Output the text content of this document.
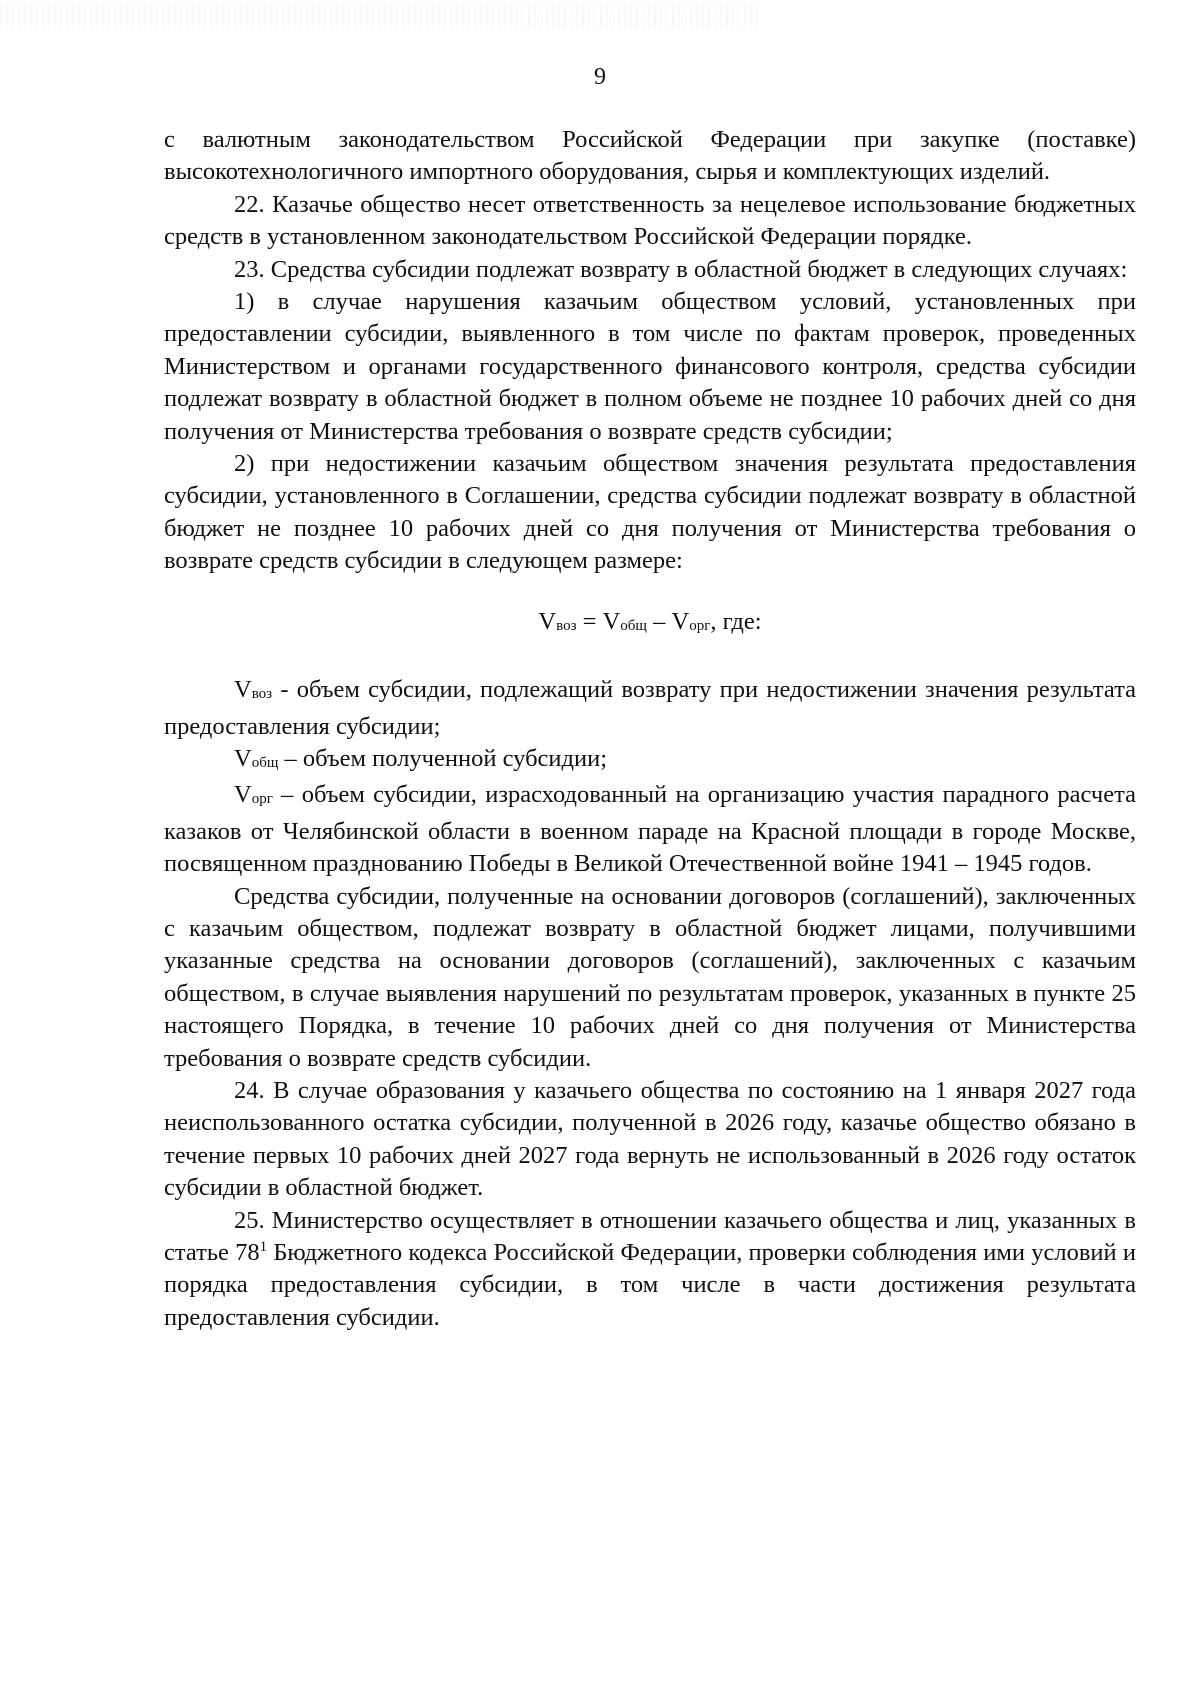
9

с валютным законодательством Российской Федерации при закупке (поставке) высокотехнологичного импортного оборудования, сырья и комплектующих изделий.

22. Казачье общество несет ответственность за нецелевое использование бюджетных средств в установленном законодательством Российской Федерации порядке.

23. Средства субсидии подлежат возврату в областной бюджет в следующих случаях:

1) в случае нарушения казачьим обществом условий, установленных при предоставлении субсидии, выявленного в том числе по фактам проверок, проведенных Министерством и органами государственного финансового контроля, средства субсидии подлежат возврату в областной бюджет в полном объеме не позднее 10 рабочих дней со дня получения от Министерства требования о возврате средств субсидии;

2) при недостижении казачьим обществом значения результата предоставления субсидии, установленного в Соглашении, средства субсидии подлежат возврату в областной бюджет не позднее 10 рабочих дней со дня получения от Министерства требования о возврате средств субсидии в следующем размере:

Vвоз = Vобщ – Vорг, где:

Vвоз - объем субсидии, подлежащий возврату при недостижении значения результата предоставления субсидии;

Vобщ – объем полученной субсидии;

Vорг – объем субсидии, израсходованный на организацию участия парадного расчета казаков от Челябинской области в военном параде на Красной площади в городе Москве, посвященном празднованию Победы в Великой Отечественной войне 1941 – 1945 годов.

Средства субсидии, полученные на основании договоров (соглашений), заключенных с казачьим обществом, подлежат возврату в областной бюджет лицами, получившими указанные средства на основании договоров (соглашений), заключенных с казачьим обществом, в случае выявления нарушений по результатам проверок, указанных в пункте 25 настоящего Порядка, в течение 10 рабочих дней со дня получения от Министерства требования о возврате средств субсидии.

24. В случае образования у казачьего общества по состоянию на 1 января 2027 года неиспользованного остатка субсидии, полученной в 2026 году, казачье общество обязано в течение первых 10 рабочих дней 2027 года вернуть не использованный в 2026 году остаток субсидии в областной бюджет.

25. Министерство осуществляет в отношении казачьего общества и лиц, указанных в статье $78^1$ Бюджетного кодекса Российской Федерации, проверки соблюдения ими условий и порядка предоставления субсидии, в том числе в части достижения результата предоставления субсидии.
